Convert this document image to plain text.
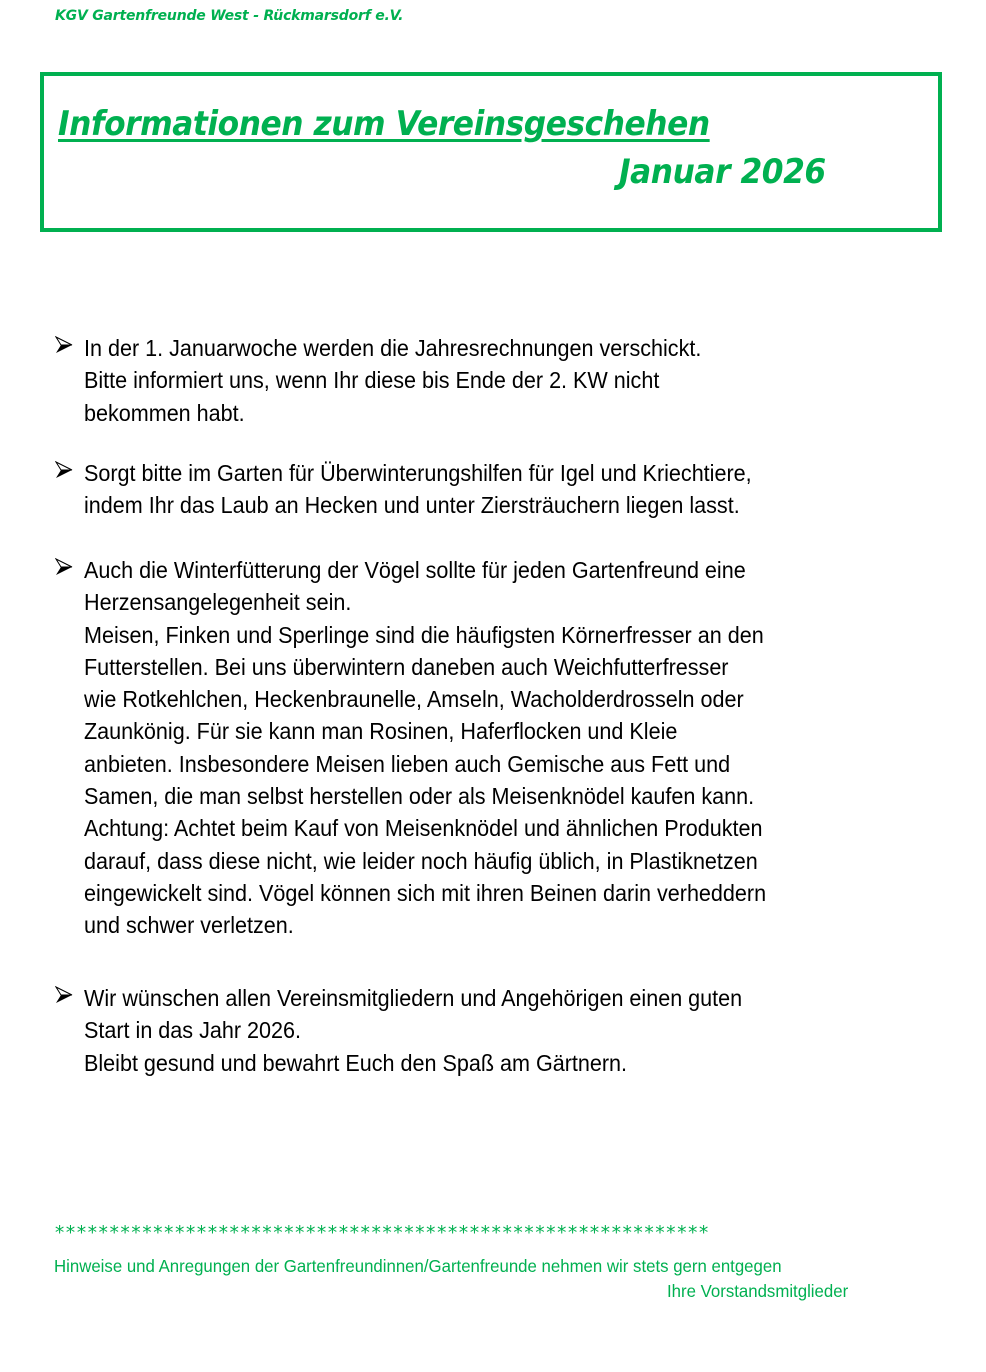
KGV Gartenfreunde West - Rückmarsdorf e.V.
Informationen zum Vereinsgeschehen
Januar 2026
In der 1. Januarwoche werden die Jahresrechnungen verschickt.
Bitte informiert uns, wenn Ihr diese bis Ende der 2. KW nicht
bekommen habt.
Sorgt bitte im Garten für Überwinterungshilfen für Igel und Kriechtiere,
indem Ihr das Laub an Hecken und unter Ziersträuchern liegen lasst.
Auch die Winterfütterung der Vögel sollte für jeden Gartenfreund eine
Herzensangelegenheit sein.
Meisen, Finken und Sperlinge sind die häufigsten Körnerfresser an den
Futterstellen. Bei uns überwintern daneben auch Weichfutterfresser
wie Rotkehlchen, Heckenbraunelle, Amseln, Wacholderdrosseln oder
Zaunkönig. Für sie kann man Rosinen, Haferflocken und Kleie
anbieten. Insbesondere Meisen lieben auch Gemische aus Fett und
Samen, die man selbst herstellen oder als Meisenknödel kaufen kann.
Achtung: Achtet beim Kauf von Meisenknödel und ähnlichen Produkten
darauf, dass diese nicht, wie leider noch häufig üblich, in Plastiknetzen
eingewickelt sind. Vögel können sich mit ihren Beinen darin verheddern
und schwer verletzen.
Wir wünschen allen Vereinsmitgliedern und Angehörigen einen guten
Start in das Jahr 2026.
Bleibt gesund und bewahrt Euch den Spaß am Gärtnern.
************************************************************
Hinweise und Anregungen der Gartenfreundinnen/Gartenfreunde nehmen wir stets gern entgegen
Ihre Vorstandsmitglieder
